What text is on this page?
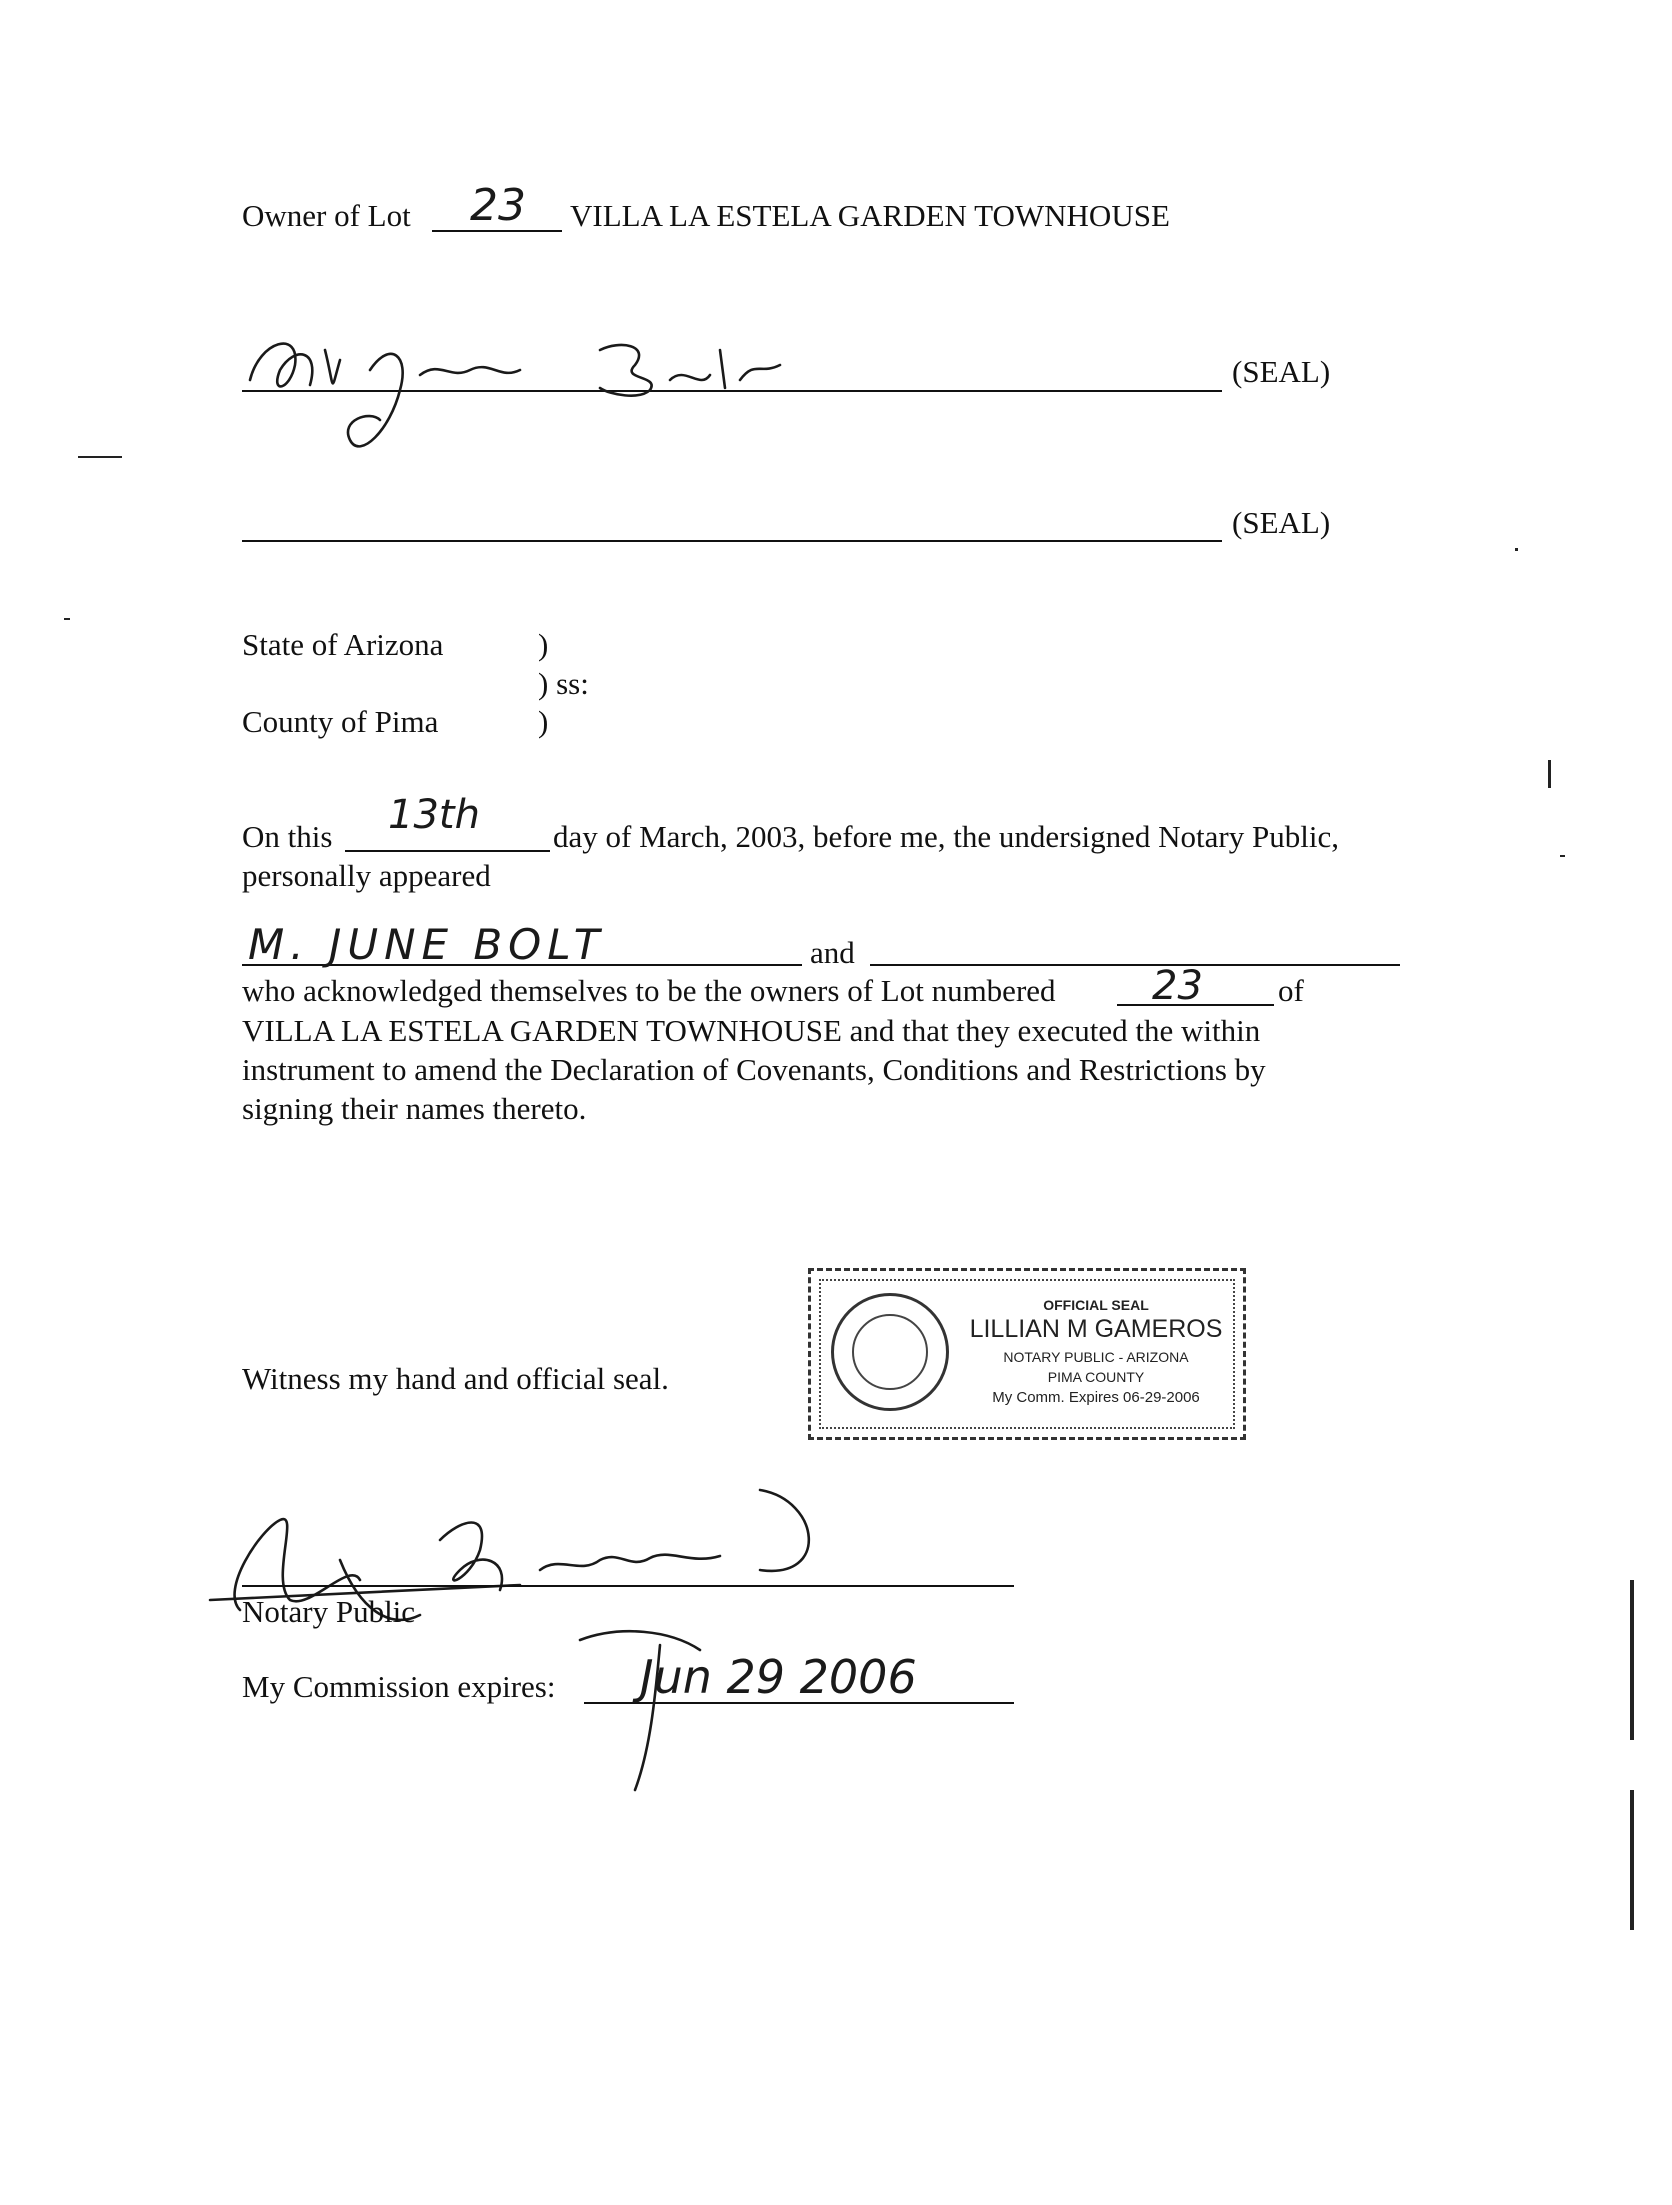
Owner of Lot 23 VILLA LA ESTELA GARDEN TOWNHOUSE
(SEAL)
(SEAL)
State of Arizona	)
) ss:
County of Pima	)
On this 13th day of March, 2003, before me, the undersigned Notary Public,
personally appeared
M. JUNE BOLT	and
who acknowledged themselves to be the owners of Lot numbered 23 of
VILLA LA ESTELA GARDEN TOWNHOUSE and that they executed the within
instrument to amend the Declaration of Covenants, Conditions and Restrictions by
signing their names thereto.
Witness my hand and official seal.
OFFICIAL SEAL
LILLIAN M GAMEROS
NOTARY PUBLIC - ARIZONA
PIMA COUNTY
My Comm. Expires 06-29-2006
Notary Public
My Commission expires: Jun 29 2006
